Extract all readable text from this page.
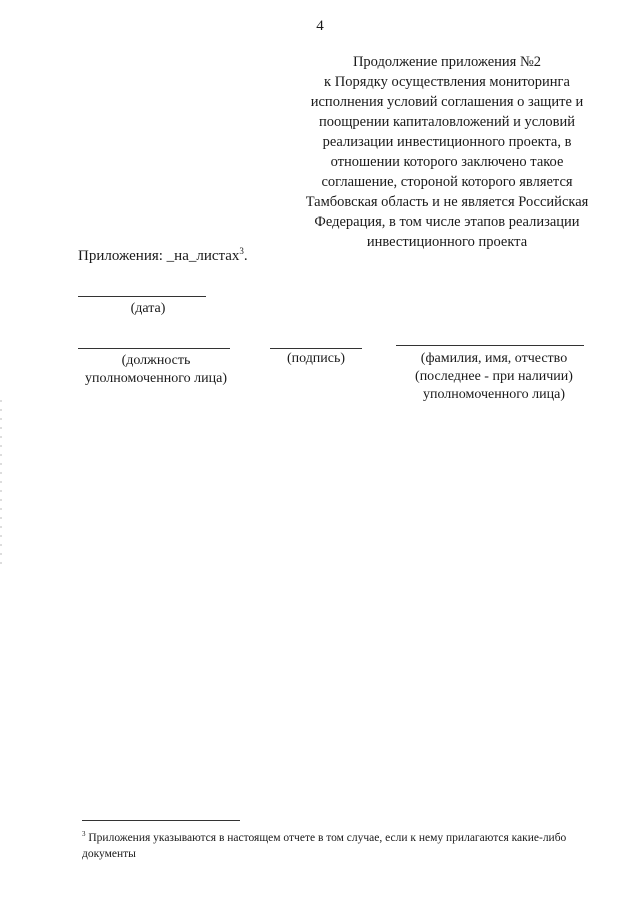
4
Продолжение приложения №2
к Порядку осуществления мониторинга
исполнения условий соглашения о защите и
поощрении капиталовложений и условий
реализации инвестиционного проекта, в
отношении которого заключено такое
соглашение, стороной которого является
Тамбовская область и не является Российская
Федерация, в том числе этапов реализации
инвестиционного проекта
Приложения: _на_листах$^3$.
(дата)
(должность
уполномоченного лица)
(подпись)	(фамилия, имя, отчество
(последнее - при наличии)
уполномоченного лица)
$^3$ Приложения указываются в настоящем отчете в том случае, если к нему прилагаются какие-либо документы
